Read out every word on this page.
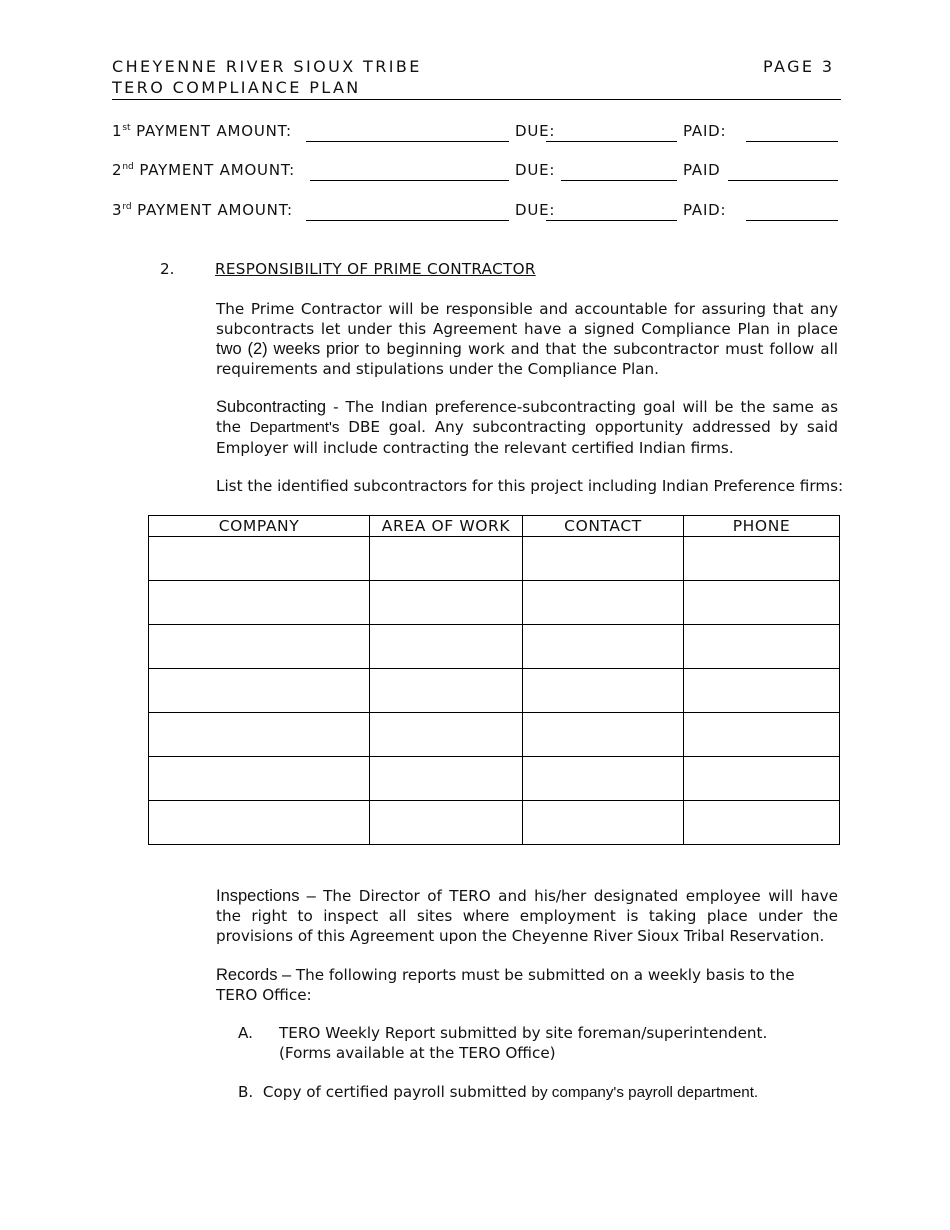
CHEYENNE RIVER SIOUX TRIBE
TERO COMPLIANCE PLAN
PAGE 3
1st PAYMENT AMOUNT:	DUE:	PAID:
2nd PAYMENT AMOUNT:	DUE:	PAID
3rd PAYMENT AMOUNT:	DUE:	PAID:
2.	RESPONSIBILITY OF PRIME CONTRACTOR
The Prime Contractor will be responsible and accountable for assuring that any subcontracts let under this Agreement have a signed Compliance Plan in place two (2) weeks prior to beginning work and that the subcontractor must follow all requirements and stipulations under the Compliance Plan.
Subcontracting - The Indian preference-subcontracting goal will be the same as the Department's DBE goal. Any subcontracting opportunity addressed by said Employer will include contracting the relevant certified Indian firms.
List the identified subcontractors for this project including Indian Preference firms:
COMPANY	AREA OF WORK	CONTACT	PHONE

Inspections – The Director of TERO and his/her designated employee will have the right to inspect all sites where employment is taking place under the provisions of this Agreement upon the Cheyenne River Sioux Tribal Reservation.
Records – The following reports must be submitted on a weekly basis to the TERO Office:
A. TERO Weekly Report submitted by site foreman/superintendent.
(Forms available at the TERO Office)
B. Copy of certified payroll submitted by company's payroll department.
